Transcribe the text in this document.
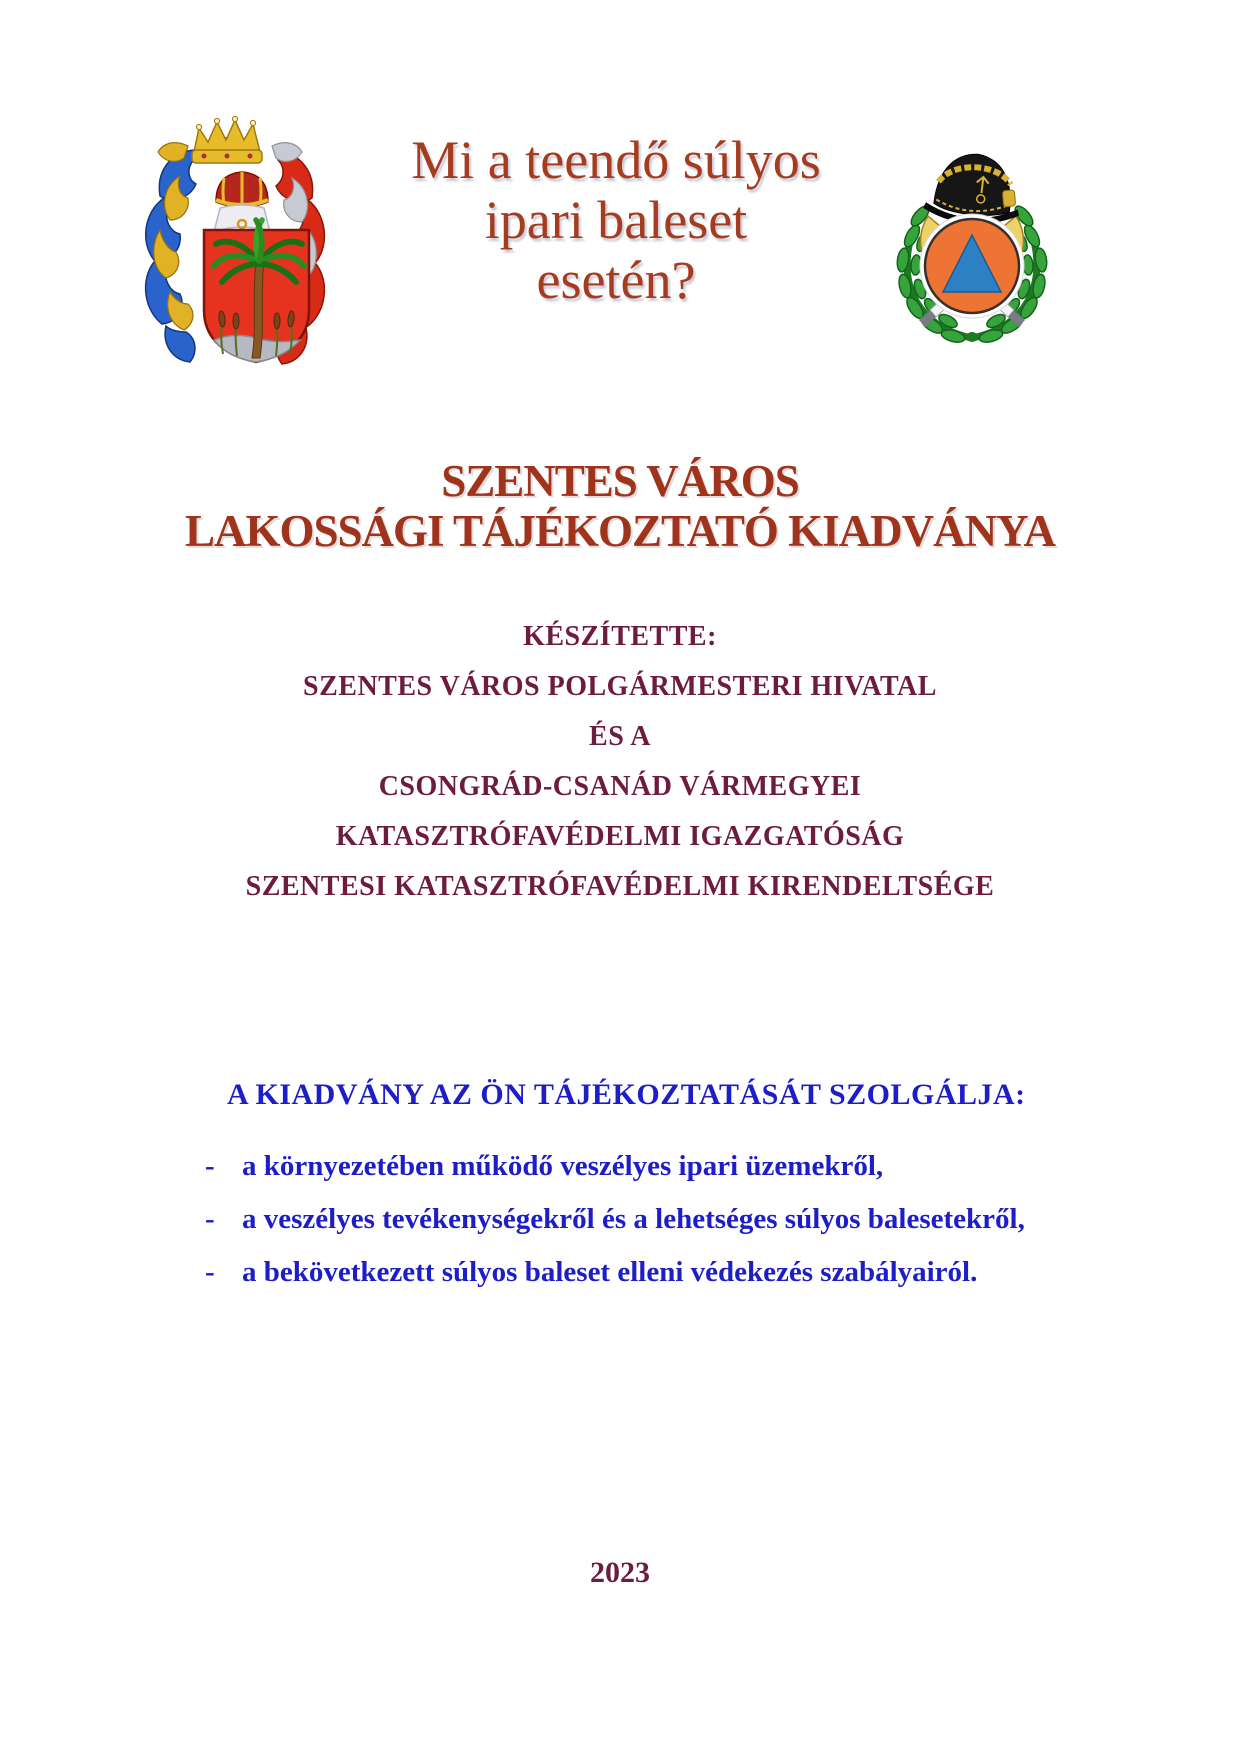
Mi a teendő súlyos
ipari baleset
esetén?
SZENTES VÁROS
LAKOSSÁGI TÁJÉKOZTATÓ KIADVÁNYA
KÉSZÍTETTE:
SZENTES VÁROS POLGÁRMESTERI HIVATAL
ÉS A
CSONGRÁD-CSANÁD VÁRMEGYEI
KATASZTRÓFAVÉDELMI IGAZGATÓSÁG
SZENTESI KATASZTRÓFAVÉDELMI KIRENDELTSÉGE
A KIADVÁNY AZ ÖN TÁJÉKOZTATÁSÁT SZOLGÁLJA:
- a környezetében működő veszélyes ipari üzemekről,
- a veszélyes tevékenységekről és a lehetséges súlyos balesetekről,
- a bekövetkezett súlyos baleset elleni védekezés szabályairól.
2023
